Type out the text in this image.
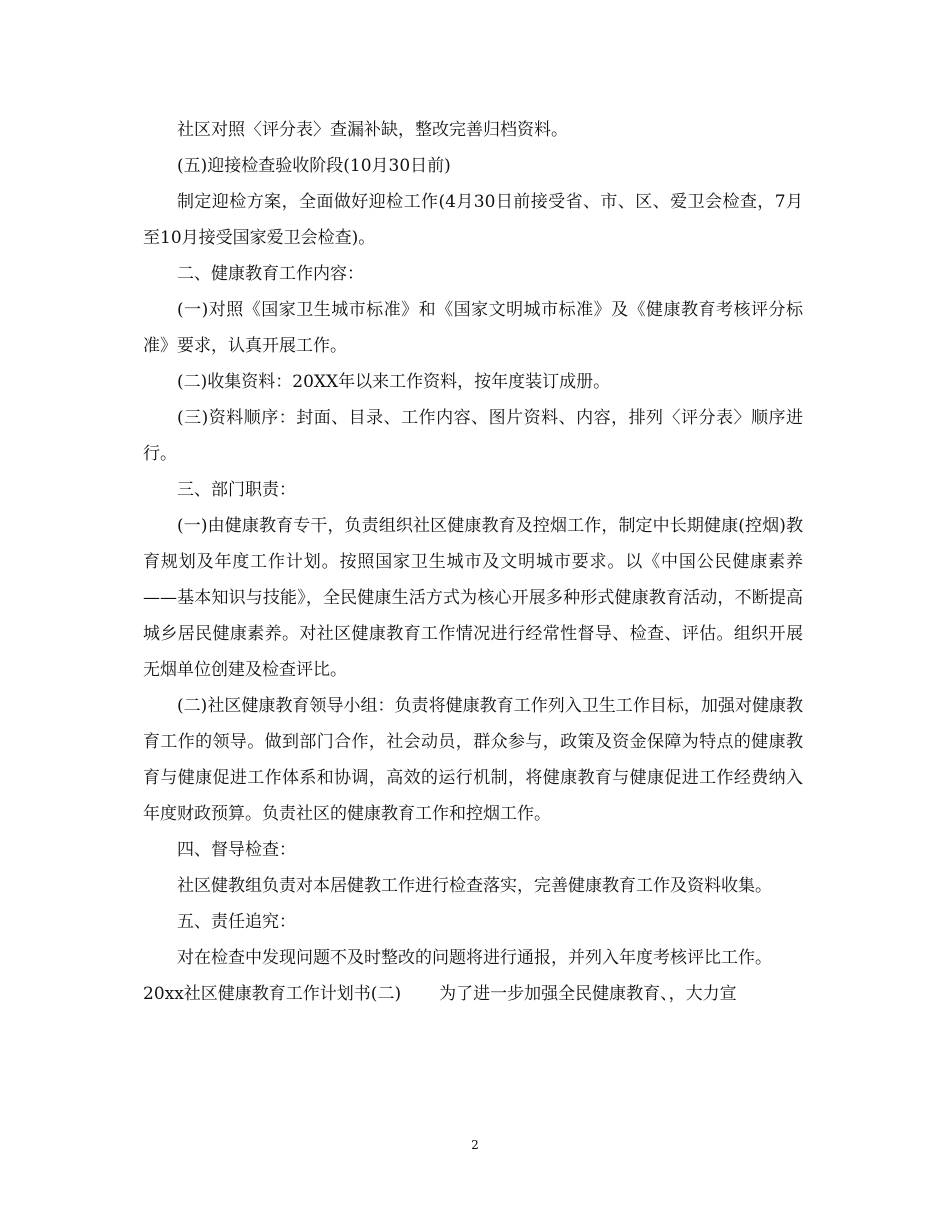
社区对照〈评分表〉查漏补缺，整改完善归档资料。

(五)迎接检查验收阶段(10月30日前)

制定迎检方案，全面做好迎检工作(4月30日前接受省、市、区、爱卫会检查，7月至10月接受国家爱卫会检查)。

二、健康教育工作内容：

(一)对照《国家卫生城市标准》和《国家文明城市标准》及《健康教育考核评分标准》要求，认真开展工作。

(二)收集资料：20XX年以来工作资料，按年度装订成册。

(三)资料顺序：封面、目录、工作内容、图片资料、内容，排列〈评分表〉顺序进行。

三、部门职责：

(一)由健康教育专干，负责组织社区健康教育及控烟工作，制定中长期健康(控烟)教育规划及年度工作计划。按照国家卫生城市及文明城市要求。以《中国公民健康素养——基本知识与技能》，全民健康生活方式为核心开展多种形式健康教育活动，不断提高城乡居民健康素养。对社区健康教育工作情况进行经常性督导、检查、评估。组织开展无烟单位创建及检查评比。

(二)社区健康教育领导小组：负责将健康教育工作列入卫生工作目标，加强对健康教育工作的领导。做到部门合作，社会动员，群众参与，政策及资金保障为特点的健康教育与健康促进工作体系和协调，高效的运行机制，将健康教育与健康促进工作经费纳入年度财政预算。负责社区的健康教育工作和控烟工作。

四、督导检查：

社区健教组负责对本居健教工作进行检查落实，完善健康教育工作及资料收集。

五、责任追究：

对在检查中发现问题不及时整改的问题将进行通报，并列入年度考核评比工作。

20xx社区健康教育工作计划书(二) 为了进一步加强全民健康教育、，大力宣

2
